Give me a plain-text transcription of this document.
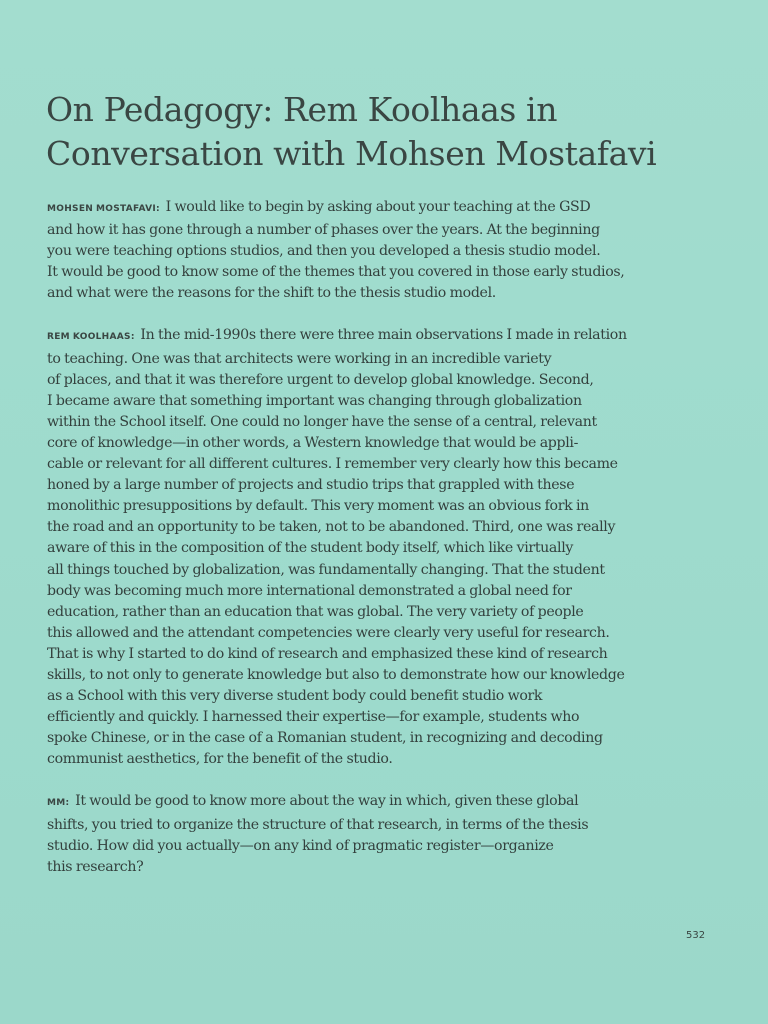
On Pedagogy: Rem Koolhaas in
Conversation with Mohsen Mostafavi

MOHSEN MOSTAFAVI: I would like to begin by asking about your teaching at the GSD
and how it has gone through a number of phases over the years. At the beginning
you were teaching options studios, and then you developed a thesis studio model.
It would be good to know some of the themes that you covered in those early studios,
and what were the reasons for the shift to the thesis studio model.

REM KOOLHAAS: In the mid-1990s there were three main observations I made in relation
to teaching. One was that architects were working in an incredible variety
of places, and that it was therefore urgent to develop global knowledge. Second,
I became aware that something important was changing through globalization
within the School itself. One could no longer have the sense of a central, relevant
core of knowledge—in other words, a Western knowledge that would be appli-
cable or relevant for all different cultures. I remember very clearly how this became
honed by a large number of projects and studio trips that grappled with these
monolithic presuppositions by default. This very moment was an obvious fork in
the road and an opportunity to be taken, not to be abandoned. Third, one was really
aware of this in the composition of the student body itself, which like virtually
all things touched by globalization, was fundamentally changing. That the student
body was becoming much more international demonstrated a global need for
education, rather than an education that was global. The very variety of people
this allowed and the attendant competencies were clearly very useful for research.
That is why I started to do kind of research and emphasized these kind of research
skills, to not only to generate knowledge but also to demonstrate how our knowledge
as a School with this very diverse student body could benefit studio work
efficiently and quickly. I harnessed their expertise—for example, students who
spoke Chinese, or in the case of a Romanian student, in recognizing and decoding
communist aesthetics, for the benefit of the studio.

MM: It would be good to know more about the way in which, given these global
shifts, you tried to organize the structure of that research, in terms of the thesis
studio. How did you actually—on any kind of pragmatic register—organize
this research?

532
